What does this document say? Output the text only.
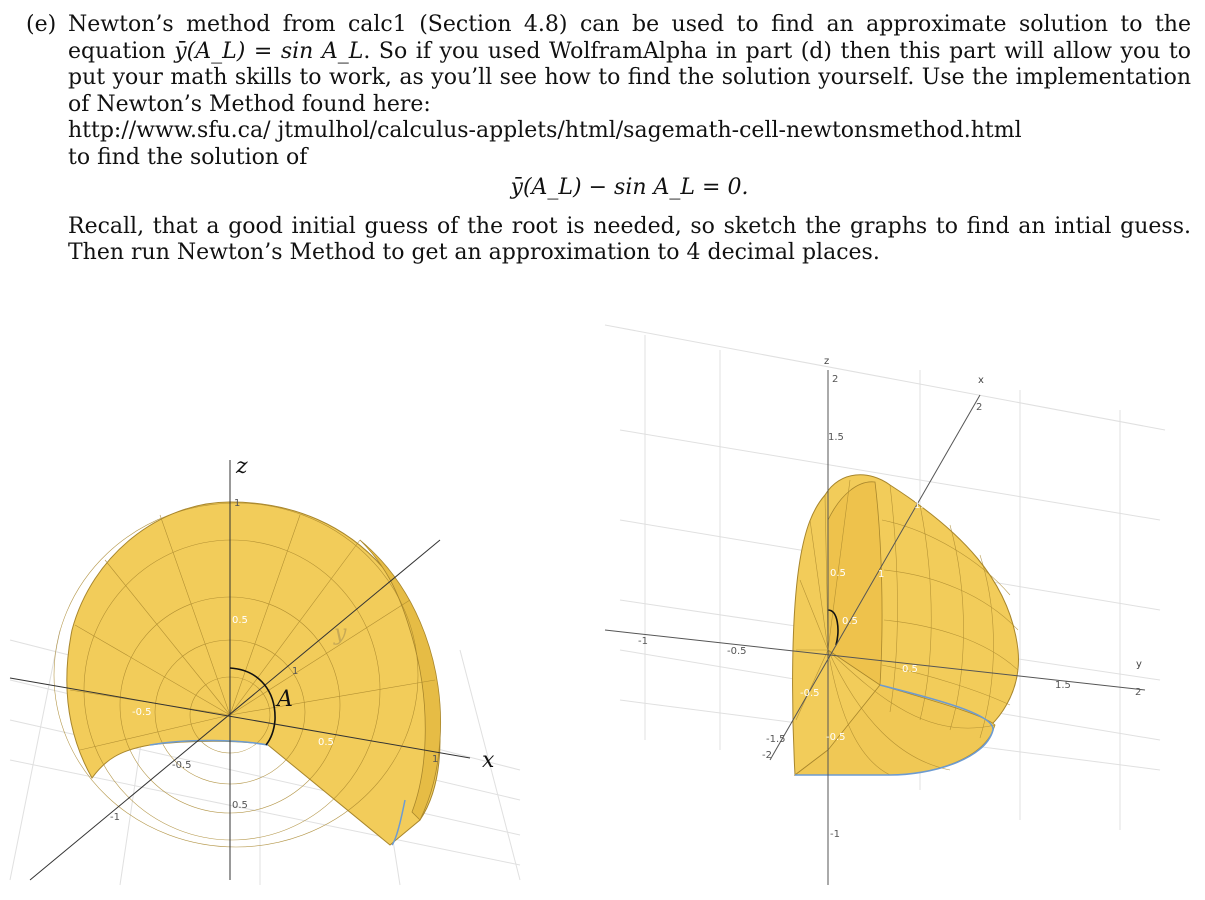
(e) Newton’s method from calc1 (Section 4.8) can be used to find an approximate solution to the equation ȳ(A_L) = sin A_L. So if you used WolframAlpha in part (d) then this part will allow you to put your math skills to work, as you’ll see how to find the solution yourself. Use the implementation of Newton’s Method found here:

http://www.sfu.ca/ jtmulhol/calculus-applets/html/sagemath-cell-newtonsmethod.html
to find the solution of
ȳ(A_L) − sin A_L = 0.

Recall, that a good initial guess of the root is needed, so sketch the graphs to find an intial guess. Then run Newton’s Method to get an approximation to 4 decimal places.

1
0.5
-0.5
-1
0.5
-0.5
1
-1
1
0.5
z
x
y
A
2
1.5
2
1.5
-1
-0.5
0.5
0.5
-0.5
1
1.5
2
0.5
-0.5
-1.5
-2
-1
z
x
y
